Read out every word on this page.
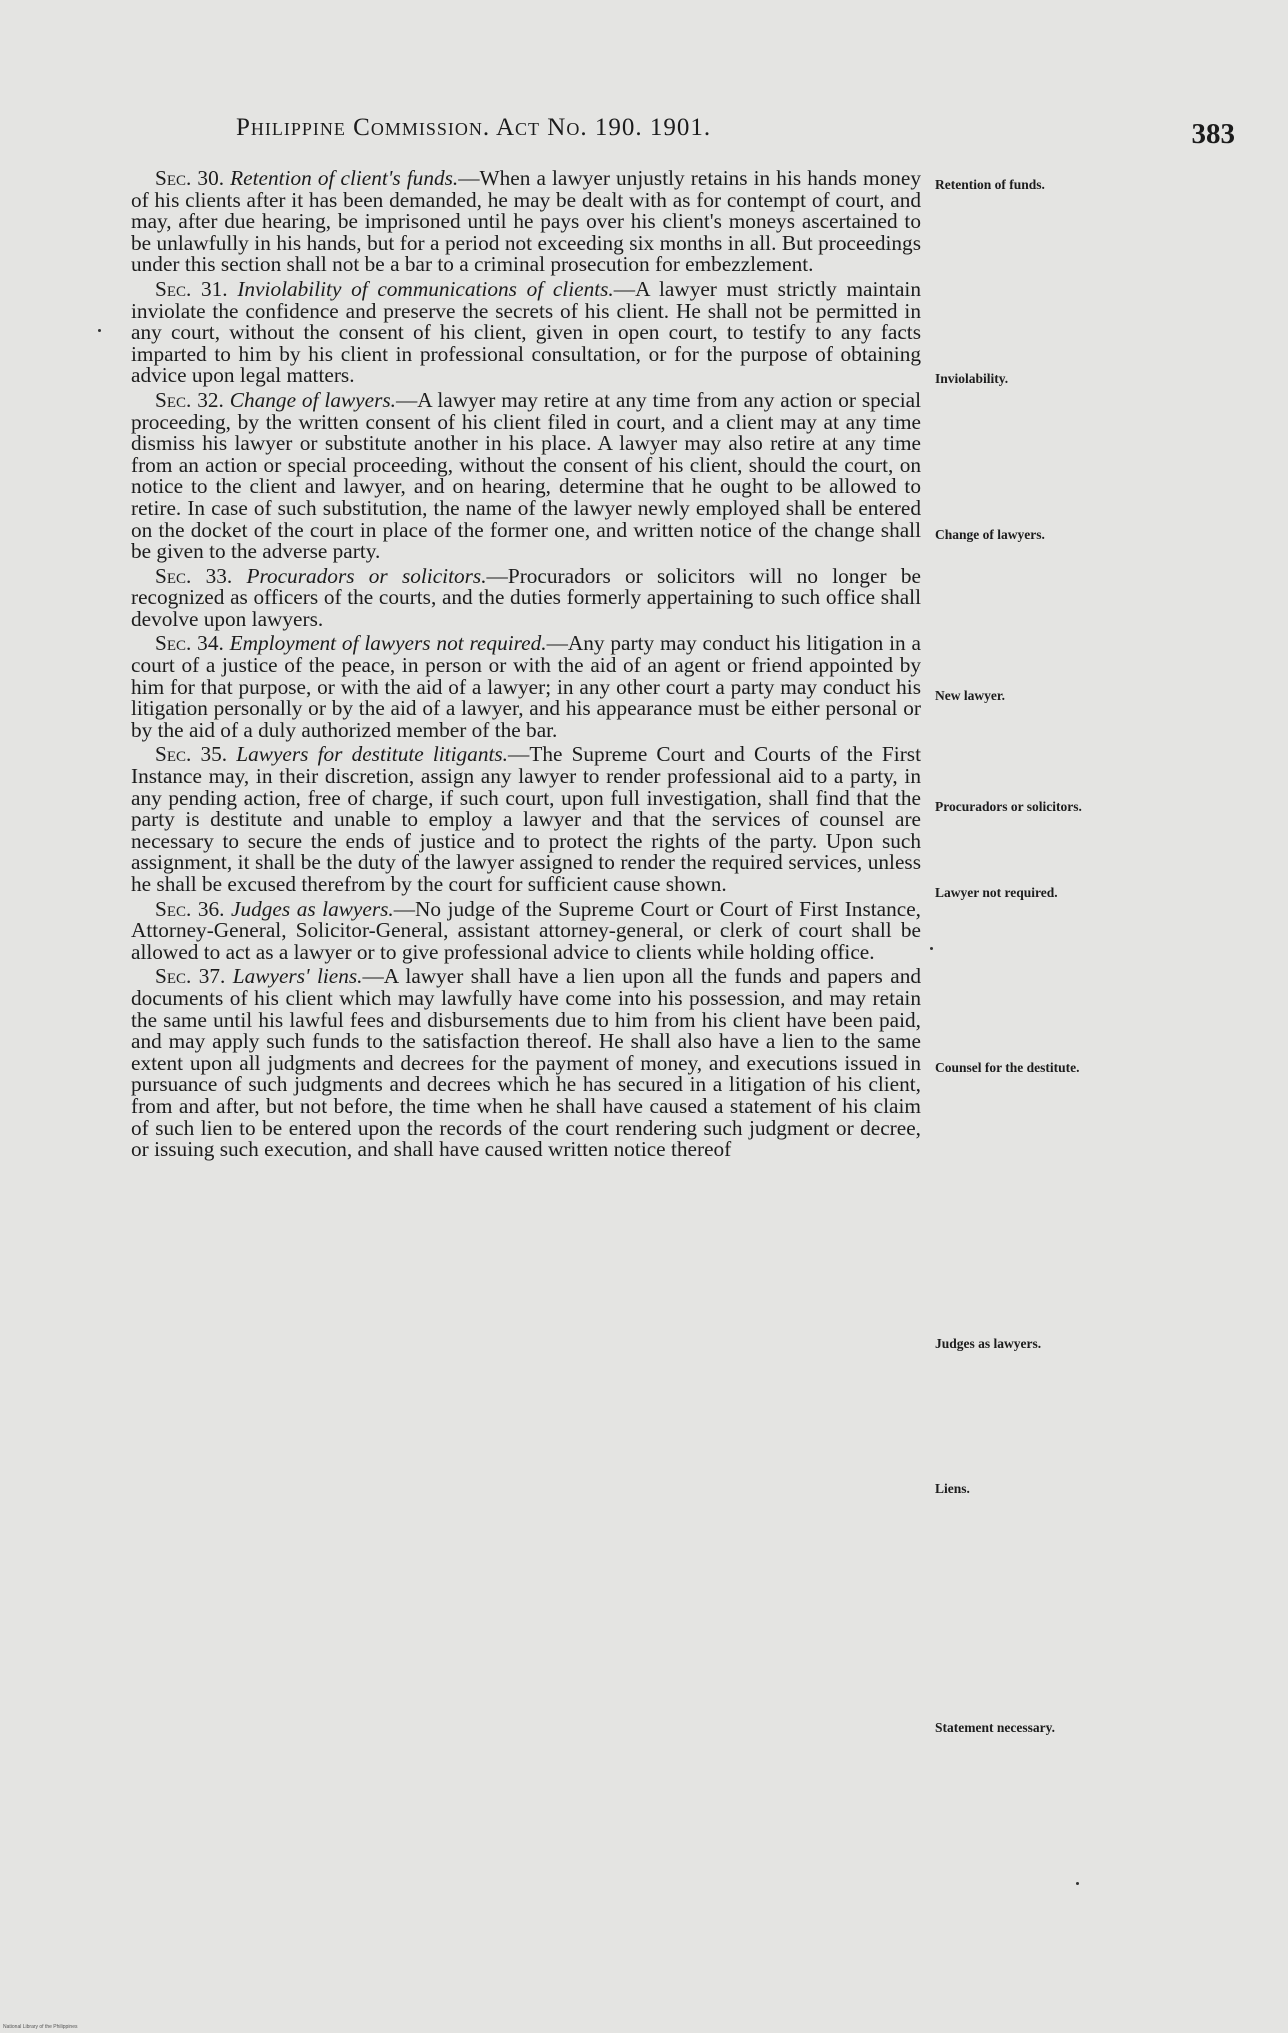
Philippine Commission. Act No. 190. 1901.	383

Sec. 30. Retention of client's funds.—When a lawyer unjustly retains in his hands money of his clients after it has been demanded, he may be dealt with as for contempt of court, and may, after due hearing, be imprisoned until he pays over his client's moneys ascertained to be unlawfully in his hands, but for a period not exceeding six months in all. But proceedings under this section shall not be a bar to a criminal prosecution for embezzlement.

Sec. 31. Inviolability of communications of clients.—A lawyer must strictly maintain inviolate the confidence and preserve the secrets of his client. He shall not be permitted in any court, without the consent of his client, given in open court, to testify to any facts imparted to him by his client in professional consultation, or for the purpose of obtaining advice upon legal matters.

Sec. 32. Change of lawyers.—A lawyer may retire at any time from any action or special proceeding, by the written consent of his client filed in court, and a client may at any time dismiss his lawyer or substitute another in his place. A lawyer may also retire at any time from an action or special proceeding, without the consent of his client, should the court, on notice to the client and lawyer, and on hearing, determine that he ought to be allowed to retire. In case of such substitution, the name of the lawyer newly employed shall be entered on the docket of the court in place of the former one, and written notice of the change shall be given to the adverse party.

Sec. 33. Procuradors or solicitors.—Procuradors or solicitors will no longer be recognized as officers of the courts, and the duties formerly appertaining to such office shall devolve upon lawyers.

Sec. 34. Employment of lawyers not required.—Any party may conduct his litigation in a court of a justice of the peace, in person or with the aid of an agent or friend appointed by him for that purpose, or with the aid of a lawyer; in any other court a party may conduct his litigation personally or by the aid of a lawyer, and his appearance must be either personal or by the aid of a duly authorized member of the bar.

Sec. 35. Lawyers for destitute litigants.—The Supreme Court and Courts of the First Instance may, in their discretion, assign any lawyer to render professional aid to a party, in any pending action, free of charge, if such court, upon full investigation, shall find that the party is destitute and unable to employ a lawyer and that the services of counsel are necessary to secure the ends of justice and to protect the rights of the party. Upon such assignment, it shall be the duty of the lawyer assigned to render the required services, unless he shall be excused therefrom by the court for sufficient cause shown.

Sec. 36. Judges as lawyers.—No judge of the Supreme Court or Court of First Instance, Attorney-General, Solicitor-General, assistant attorney-general, or clerk of court shall be allowed to act as a lawyer or to give professional advice to clients while holding office.

Sec. 37. Lawyers' liens.—A lawyer shall have a lien upon all the funds and papers and documents of his client which may lawfully have come into his possession, and may retain the same until his lawful fees and disbursements due to him from his client have been paid, and may apply such funds to the satisfaction thereof. He shall also have a lien to the same extent upon all judgments and decrees for the payment of money, and executions issued in pursuance of such judgments and decrees which he has secured in a litigation of his client, from and after, but not before, the time when he shall have caused a statement of his claim of such lien to be entered upon the records of the court rendering such judgment or decree, or issuing such execution, and shall have caused written notice thereof

Retention of funds.
Inviolability.
Change of lawyers.
New lawyer.
Procuradors or solicitors.
Lawyer not required.
Counsel for the destitute.
Judges as lawyers.
Liens.
Statement necessary.
National Library of the Philippines
